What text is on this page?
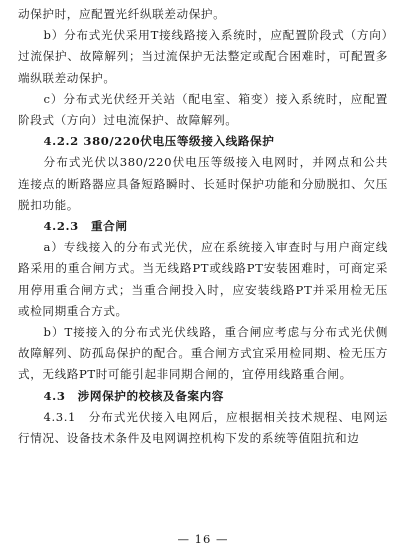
动保护时，应配置光纤纵联差动保护。

b）分布式光伏采用T接线路接入系统时，应配置阶段式（方向）过流保护、故障解列；当过流保护无法整定或配合困难时，可配置多端纵联差动保护。

c）分布式光伏经开关站（配电室、箱变）接入系统时，应配置阶段式（方向）过电流保护、故障解列。

4.2.2 380/220伏电压等级接入线路保护

分布式光伏以380/220伏电压等级接入电网时，并网点和公共连接点的断路器应具备短路瞬时、长延时保护功能和分励脱扣、欠压脱扣功能。

4.2.3　重合闸

a）专线接入的分布式光伏，应在系统接入审查时与用户商定线路采用的重合闸方式。当无线路PT或线路PT安装困难时，可商定采用停用重合闸方式；当重合闸投入时，应安装线路PT并采用检无压或检同期重合方式。

b）T接接入的分布式光伏线路，重合闸应考虑与分布式光伏侧故障解列、防孤岛保护的配合。重合闸方式宜采用检同期、检无压方式，无线路PT时可能引起非同期合闸的，宜停用线路重合闸。

4.3　涉网保护的校核及备案内容

4.3.1　分布式光伏接入电网后，应根据相关技术规程、电网运行情况、设备技术条件及电网调控机构下发的系统等值阻抗和边

— 16 —
